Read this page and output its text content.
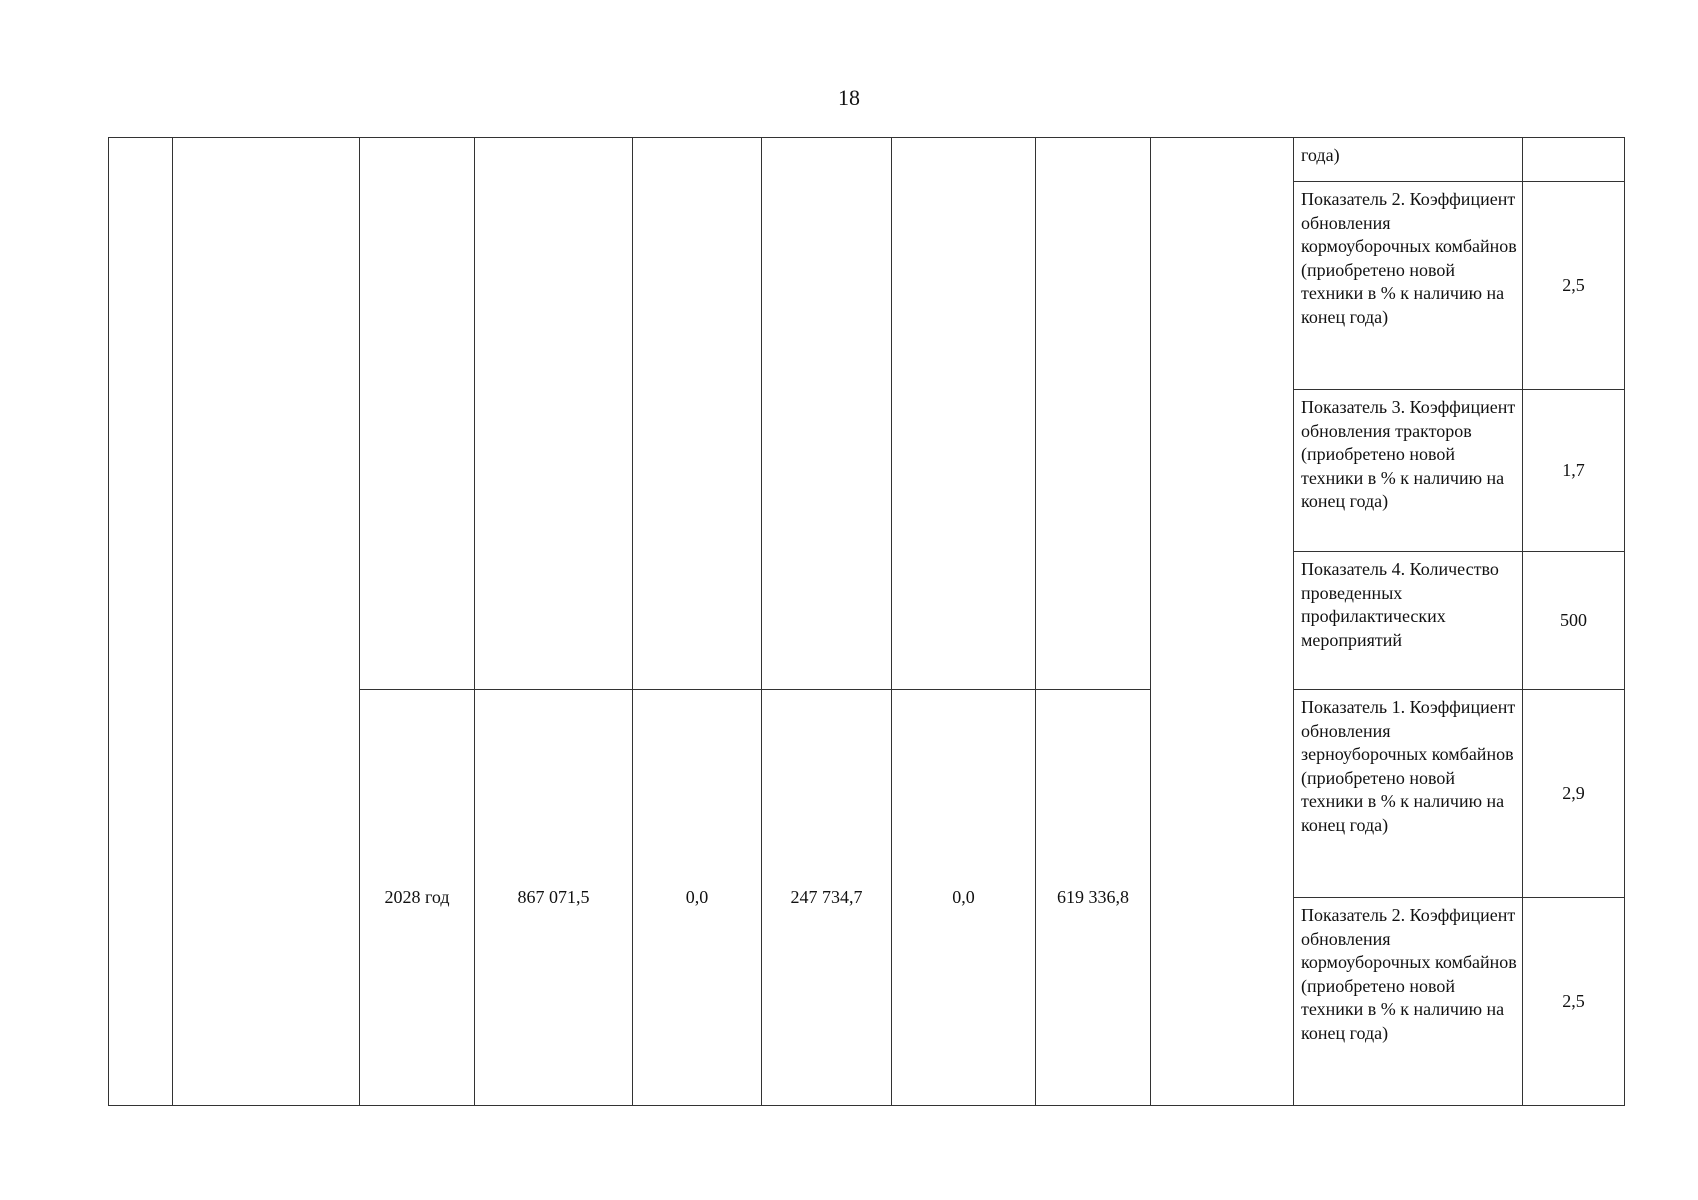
18
									года)	
									Показатель 2. Коэффициент обновления кормоуборочных комбайнов (приобретено новой техники в % к наличию на конец года)	2,5
									Показатель 3. Коэффициент обновления тракторов (приобретено новой техники в % к наличию на конец года)	1,7
									Показатель 4. Количество проведенных профилактических мероприятий	500
		2028 год	867 071,5	0,0	247 734,7	0,0	619 336,8		Показатель 1. Коэффициент обновления зерноуборочных комбайнов (приобретено новой техники в % к наличию на конец года)	2,9
									Показатель 2. Коэффициент обновления кормоуборочных комбайнов (приобретено новой техники в % к наличию на конец года)	2,5
